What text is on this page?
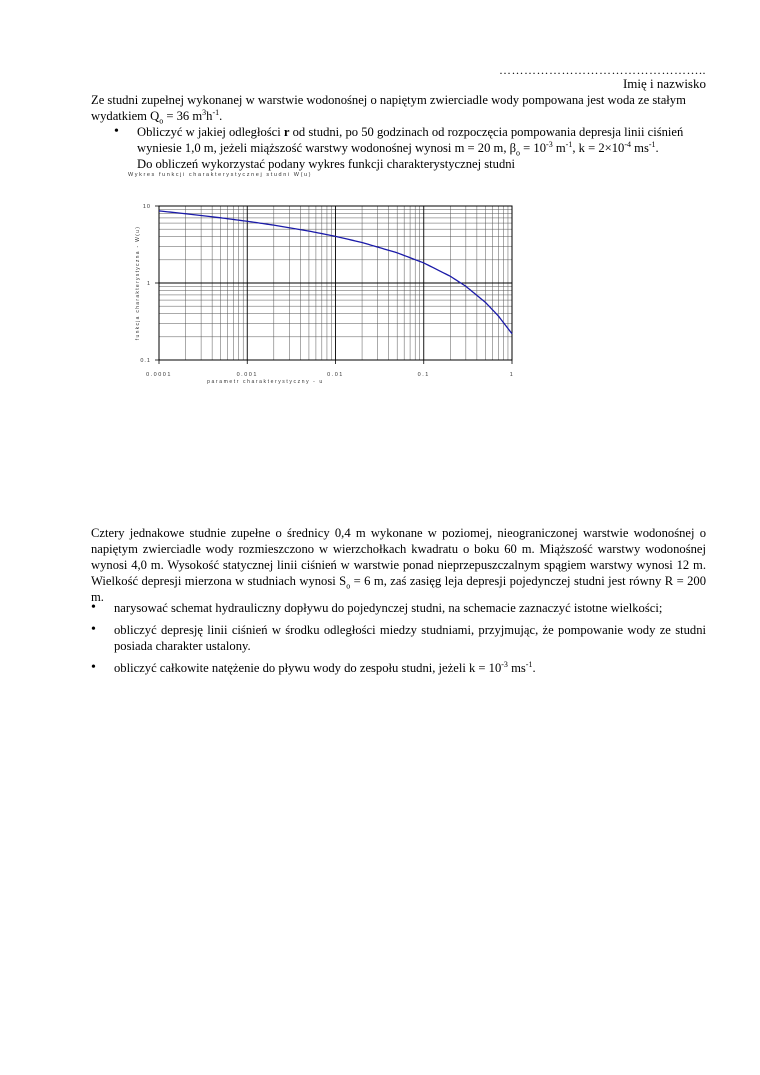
…………………………………………..
Imię i nazwisko
Ze studni zupełnej wykonanej w warstwie wodonośnej o napiętym zwierciadle wody pompowana jest woda ze stałym wydatkiem $Q_o = 36$ $m^3h^{-1}$.
• Obliczyć w jakiej odległości r od studni, po 50 godzinach od rozpoczęcia pompowania depresja linii ciśnień wyniesie 1,0 m, jeżeli miąższość warstwy wodonośnej wynosi m = 20 m, $\beta_o = 10^{-3}$ $m^{-1}$, $k = 2\times 10^{-4}$ $ms^{-1}$.

Do obliczeń wykorzystać podany wykres funkcji charakterystycznej studni

Wykres funkcji charakterystycznej studni W(u)
0.0001	0.001	0.01	0.1	1
10
1
0.1
parametr charakterystyczny - u
funkcja charakterystyczna - W(u)
Cztery jednakowe studnie zupełne o średnicy 0,4 m wykonane w poziomej, nieograniczonej warstwie wodonośnej o napiętym zwierciadle wody rozmieszczono w wierzchołkach kwadratu o boku 60 m. Miąższość warstwy wodonośnej wynosi 4,0 m. Wysokość statycznej linii ciśnień w warstwie ponad nieprzepuszczalnym spągiem warstwy wynosi 12 m. Wielkość depresji mierzona w studniach wynosi $S_o = 6$ m, zaś zasięg leja depresji pojedynczej studni jest równy R = 200 m.
• narysować schemat hydrauliczny dopływu do pojedynczej studni, na schemacie zaznaczyć istotne wielkości;
• obliczyć depresję linii ciśnień w środku odległości miedzy studniami, przyjmując, że pompowanie wody ze studni posiada charakter ustalony.
• obliczyć całkowite natężenie do pływu wody do zespołu studni, jeżeli $k = 10^{-3}$ $ms^{-1}$.
